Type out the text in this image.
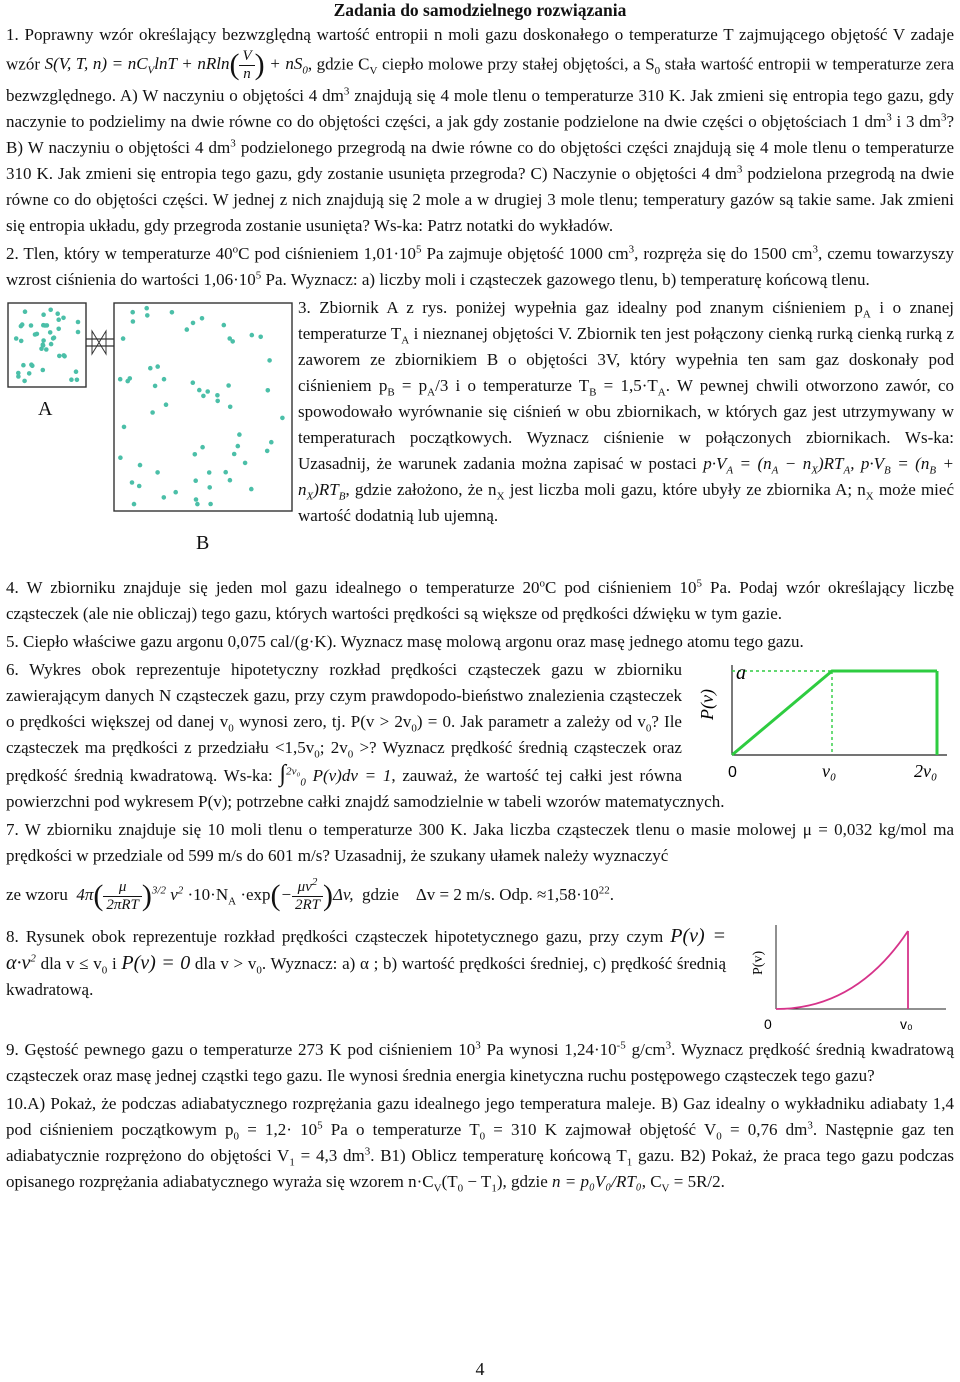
Zadania do samodzielnego rozwiązania

1. Poprawny wzór określający bezwzględną wartość entropii n moli gazu doskonałego o temperaturze T zajmującego objętość V zadaje wzór S(V, T, $n) = nC_V\ln T + nRln( \frac{V}{n}$ ) + $nS_0$, gdzie $C_V$ ciepło molowe przy stałej objętości, a $S_0$ stała wartość entropii w temperaturze zera bezwzględnego. A) W naczyniu o objętości 4 $dm^3$ znajdują się 4 mole tlenu o temperaturze 310 K. Jak zmieni się entropia tego gazu, gdy naczynie to podzielimy na dwie równe co do objętości części, a jak gdy zostanie podzielone na dwie części o objętościach 1 $dm^3$ i 3 $dm^3$? B) W naczyniu o objętości 4 $dm^3$ podzielonego przegrodą na dwie równe co do objętości części znajdują się 4 mole tlenu o temperaturze 310 K. Jak zmieni się entropia tego gazu, gdy zostanie usunięta przegroda? C) Naczynie o objętości 4 $dm^3$ podzielona przegrodą na dwie równe co do objętości części. W jednej z nich znajdują się 2 mole a w drugiej 3 mole tlenu; temperatury gazów są takie same. Jak zmieni się entropia układu, gdy przegroda zostanie usunięta? Ws-ka: Patrz notatki do wykładów.

2. Tlen, który w temperaturze 40$^o$C pod ciśnieniem $1,01\cdot 10^5$ Pa zajmuje objętość 1000 $cm^3$, rozpręża się do 1500 $cm^3$, czemu towarzyszy wzrost ciśnienia do wartości $1,06\cdot 10^5$ Pa. Wyznacz: a) liczby moli i cząsteczek gazowego tlenu, b) temperaturę końcową tlenu.

A
B

3. Zbiornik A z rys. poniżej wypełnia gaz idealny pod znanym ciśnieniem $p_A$ i o znanej temperaturze $T_A$ i nieznanej objętości V. Zbiornik ten jest połączony cienką rurką cienką rurką z zaworem ze zbiornikiem B o objętości 3V, który wypełnia ten sam gaz doskonały pod ciśnieniem $p_B = p_A/3$ i o temperaturze $T_B = 1,5\cdot T_A$. W pewnej chwili otworzono zawór, co spowodowało wyrównanie się ciśnień w obu zbiornikach, w których gaz jest utrzymywany w temperaturach początkowych. Wyznacz ciśnienie w połączonych zbiornikach. Ws-ka: Uzasadnij, że warunek zadania można zapisać w postaci $p\cdot V_A = (n_A - n_X)RT_A$, $p\cdot V_B = (n_B + n_X)RT_B$, gdzie założono, że $n_X$ jest liczba moli gazu, które ubyły ze zbiornika A; $n_X$ może mieć wartość dodatnią lub ujemną.

4. W zbiorniku znajduje się jeden mol gazu idealnego o temperaturze 20$^o$C pod ciśnieniem $10^5$ Pa. Podaj wzór określający liczbę cząsteczek (ale nie obliczaj) tego gazu, których wartości prędkości są większe od prędkości dźwięku w tym gazie.

5. Ciepło właściwe gazu argonu 0,075 cal/(g·K). Wyznacz masę molową argonu oraz masę jednego atomu tego gazu.

P(v)
a
0	v₀	2v₀

6. Wykres obok reprezentuje hipotetyczny rozkład prędkości cząsteczek gazu w zbiorniku zawierającym danych N cząsteczek gazu, przy czym prawdopodo-bieństwo znalezienia cząsteczek o prędkości większej od danej $v_0$ wynosi zero, tj. $P(v > 2v_0) = 0$. Jak parametr a zależy od $v_0$? Ile cząsteczek ma prędkości z przedziału $<1,5v_0$; $2v_0$ >? Wyznacz prędkość średnią cząsteczek oraz prędkość średnią kwadratową. Ws-ka: ∫$^{2v_0}_0$ P(v)dv = 1, zauważ, że wartość tej całki jest równa powierzchni pod wykresem P(v); potrzebne całki znajdź samodzielnie w tabeli wzorów matematycznych.

7. W zbiorniku znajduje się 10 moli tlenu o temperaturze 300 K. Jaka liczba cząsteczek tlenu o masie molowej μ = 0,032 kg/mol ma prędkości w przedziale od 599 m/s do 601 m/s? Uzasadnij, że szukany ułamek należy wyznaczyć

ze wzoru $4\pi( \frac{\mu}{\text{2πRT}} )^{3/2}$ $v^2 \cdot 10\cdot N_A \cdot\exp(- \frac{\mu v^2}{2RT} )\Delta v$, gdzie Δv = 2 m/s. Odp. $\approx 1,58\cdot 10^{22}$.
P(v)
0	v₀

8. Rysunek obok reprezentuje rozkład prędkości cząsteczek hipotetycznego gazu, przy czym $P(v) = \alpha\cdot v^2$ dla $v \le v_0$ i P(v) = 0 dla $v > v_0$. Wyznacz: a) α ; b) wartość prędkości średniej, c) prędkość średnią kwadratową.

9. Gęstość pewnego gazu o temperaturze 273 K pod ciśnieniem $10^3$ Pa wynosi $1,24\cdot 10^{-5}$ $g/cm^3$. Wyznacz prędkość średnią kwadratową cząsteczek oraz masę jednej cząstki tego gazu. Ile wynosi średnia energia kinetyczna ruchu postępowego cząsteczek tego gazu?

10.A) Pokaż, że podczas adiabatycznego rozprężania gazu idealnego jego temperatura maleje. B) Gaz idealny o wykładniku adiabaty 1,4 pod ciśnieniem początkowym $p_0 = 1,2\cdot 10^5$ Pa o temperaturze $T_0 = 310$ K zajmował objętość $V_0 = 0,76$ $dm^3$. Następnie gaz ten adiabatycznie rozprężono do objętości $V_1 = 4,3$ $dm^3$. B1) Oblicz temperaturę końcową $T_1$ gazu. B2) Pokaż, że praca tego gazu podczas opisanego rozprężania adiabatycznego wyraża się wzorem $n\cdot C_V(T_0 - T_1)$, gdzie n = p₀V₀/RT₀, $C_V = 5R/2$.

4
